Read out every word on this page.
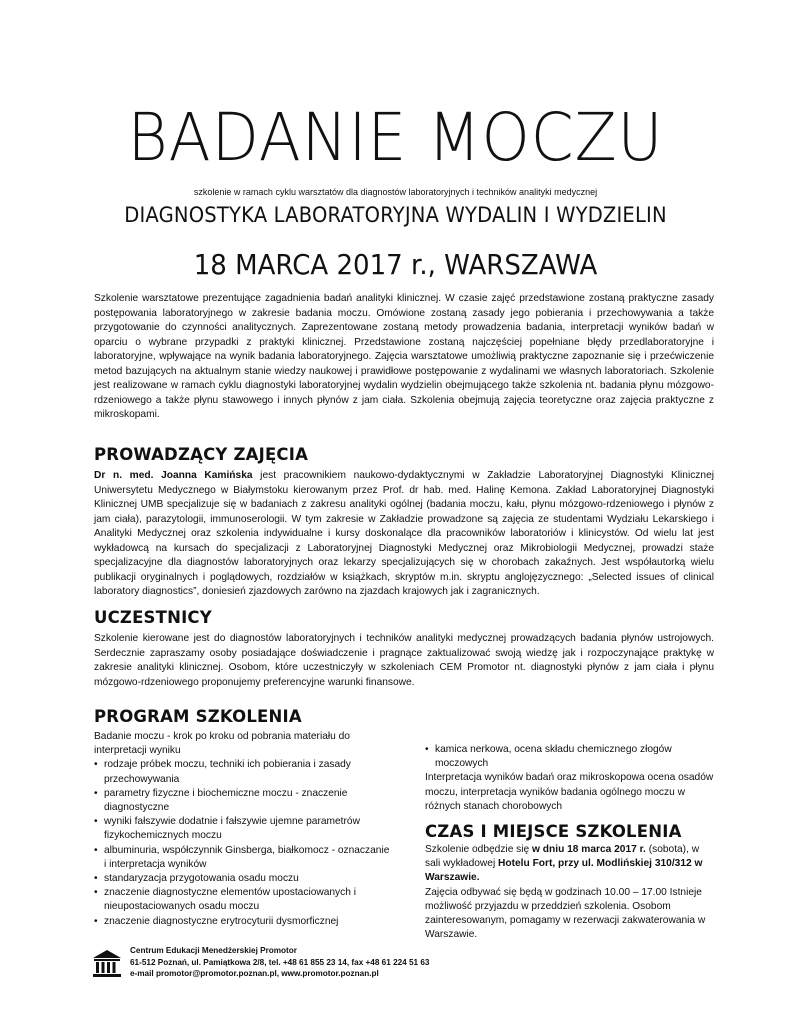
BADANIE MOCZU
szkolenie w ramach cyklu warsztatów dla diagnostów laboratoryjnych i techników analityki medycznej
DIAGNOSTYKA LABORATORYJNA WYDALIN I WYDZIELIN
18 MARCA 2017 r., WARSZAWA

Szkolenie warsztatowe prezentujące zagadnienia badań analityki klinicznej. W czasie zajęć przedstawione zostaną praktyczne zasady postępowania laboratoryjnego w zakresie badania moczu. Omówione zostaną zasady jego pobierania i przechowywania a także przygotowanie do czynności analitycznych. Zaprezentowane zostaną metody prowadzenia badania, interpretacji wyników badań w oparciu o wybrane przypadki z praktyki klinicznej. Przedstawione zostaną najczęściej popełniane błędy przedlaboratoryjne i laboratoryjne, wpływające na wynik badania laboratoryjnego. Zajęcia warsztatowe umożliwią praktyczne zapoznanie się i przećwiczenie metod bazujących na aktualnym stanie wiedzy naukowej i prawidłowe postępowanie z wydalinami we własnych laboratoriach. Szkolenie jest realizowane w ramach cyklu diagnostyki laboratoryjnej wydalin wydzielin obejmującego także szkolenia nt. badania płynu mózgowo-rdzeniowego a także płynu stawowego i innych płynów z jam ciała. Szkolenia obejmują zajęcia teoretyczne oraz zajęcia praktyczne z mikroskopami.

PROWADZĄCY ZAJĘCIA

Dr n. med. Joanna Kamińska jest pracownikiem naukowo-dydaktycznymi w Zakładzie Laboratoryjnej Diagnostyki Klinicznej Uniwersytetu Medycznego w Białymstoku kierowanym przez Prof. dr hab. med. Halinę Kemona. Zakład Laboratoryjnej Diagnostyki Klinicznej UMB specjalizuje się w badaniach z zakresu analityki ogólnej (badania moczu, kału, płynu mózgowo-rdzeniowego i płynów z jam ciała), parazytologii, immunoserologii. W tym zakresie w Zakładzie prowadzone są zajęcia ze studentami Wydziału Lekarskiego i Analityki Medycznej oraz szkolenia indywidualne i kursy doskonalące dla pracowników laboratoriów i klinicystów. Od wielu lat jest wykładowcą na kursach do specjalizacji z Laboratoryjnej Diagnostyki Medycznej oraz Mikrobiologii Medycznej, prowadzi staże specjalizacyjne dla diagnostów laboratoryjnych oraz lekarzy specjalizujących się w chorobach zakaźnych. Jest współautorką wielu publikacji oryginalnych i poglądowych, rozdziałów w książkach, skryptów m.in. skryptu anglojęzycznego: „Selected issues of clinical laboratory diagnostics”, doniesień zjazdowych zarówno na zjazdach krajowych jak i zagranicznych.

UCZESTNICY

Szkolenie kierowane jest do diagnostów laboratoryjnych i techników analityki medycznej prowadzących badania płynów ustrojowych. Serdecznie zapraszamy osoby posiadające doświadczenie i pragnące zaktualizować swoją wiedzę jak i rozpoczynające praktykę w zakresie analityki klinicznej. Osobom, które uczestniczyły w szkoleniach CEM Promotor nt. diagnostyki płynów z jam ciała i płynu mózgowo-rdzeniowego proponujemy preferencyjne warunki finansowe.

PROGRAM SZKOLENIA
Badanie moczu - krok po kroku od pobrania materiału do interpretacji wyniku
• rodzaje próbek moczu, techniki ich pobierania i zasady przechowywania
• parametry fizyczne i biochemiczne moczu - znaczenie diagnostyczne
• wyniki fałszywie dodatnie i fałszywie ujemne parametrów fizykochemicznych moczu
• albuminuria, współczynnik Ginsberga, białkomocz - oznaczanie i interpretacja wyników
• standaryzacja przygotowania osadu moczu
• znaczenie diagnostyczne elementów upostaciowanych i nieupostaciowanych osadu moczu
• znaczenie diagnostyczne erytrocyturii dysmorficznej
• kamica nerkowa, ocena składu chemicznego złogów moczowych
Interpretacja wyników badań oraz mikroskopowa ocena osadów moczu, interpretacja wyników badania ogólnego moczu w różnych stanach chorobowych
CZAS I MIEJSCE SZKOLENIA

Szkolenie odbędzie się w dniu 18 marca 2017 r. (sobota), w sali wykładowej Hotelu Fort, przy ul. Modlińskiej 310/312 w Warszawie.

Zajęcia odbywać się będą w godzinach 10.00 – 17.00 Istnieje możliwość przyjazdu w przeddzień szkolenia. Osobom zainteresowanym, pomagamy w rezerwacji zakwaterowania w Warszawie.

Centrum Edukacji Menedżerskiej Promotor
61-512 Poznań, ul. Pamiątkowa 2/8, tel. +48 61 855 23 14, fax +48 61 224 51 63
e-mail promotor@promotor.poznan.pl, www.promotor.poznan.pl
